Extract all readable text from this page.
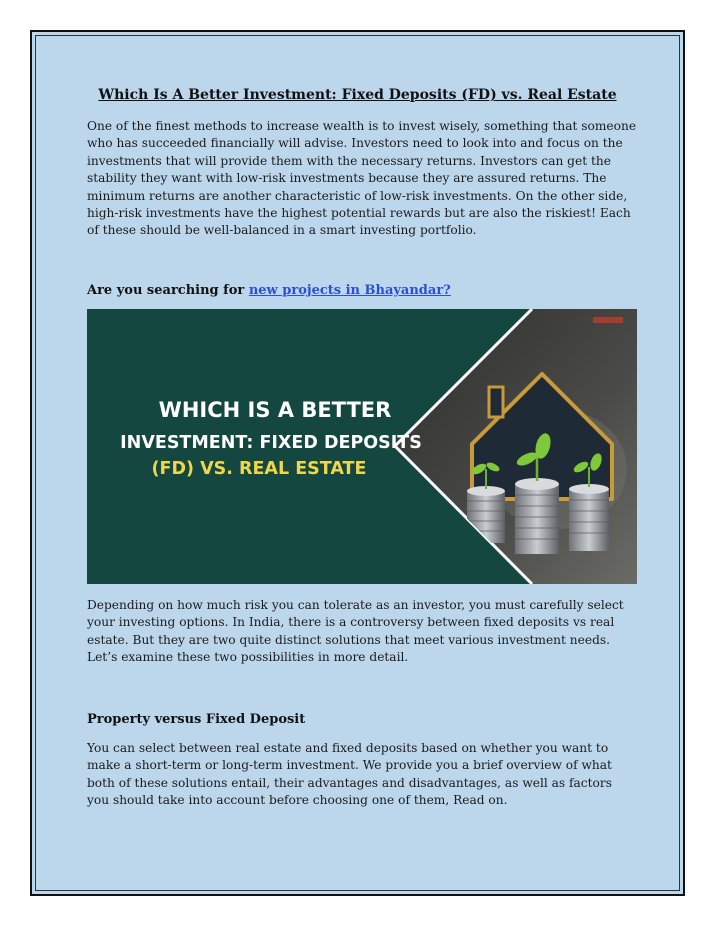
Which Is A Better Investment: Fixed Deposits (FD) vs. Real Estate

One of the finest methods to increase wealth is to invest wisely, something that someone who has succeeded financially will advise. Investors need to look into and focus on the investments that will provide them with the necessary returns. Investors can get the stability they want with low-risk investments because they are assured returns. The minimum returns are another characteristic of low-risk investments. On the other side, high-risk investments have the highest potential rewards but are also the riskiest! Each of these should be well-balanced in a smart investing portfolio.

Are you searching for new projects in Bhayandar?
WHICH IS A BETTER
INVESTMENT: FIXED DEPOSITS
(FD) VS. REAL ESTATE

Depending on how much risk you can tolerate as an investor, you must carefully select your investing options. In India, there is a controversy between fixed deposits vs real estate. But they are two quite distinct solutions that meet various investment needs. Let’s examine these two possibilities in more detail.

Property versus Fixed Deposit

You can select between real estate and fixed deposits based on whether you want to make a short-term or long-term investment. We provide you a brief overview of what both of these solutions entail, their advantages and disadvantages, as well as factors you should take into account before choosing one of them, Read on.
